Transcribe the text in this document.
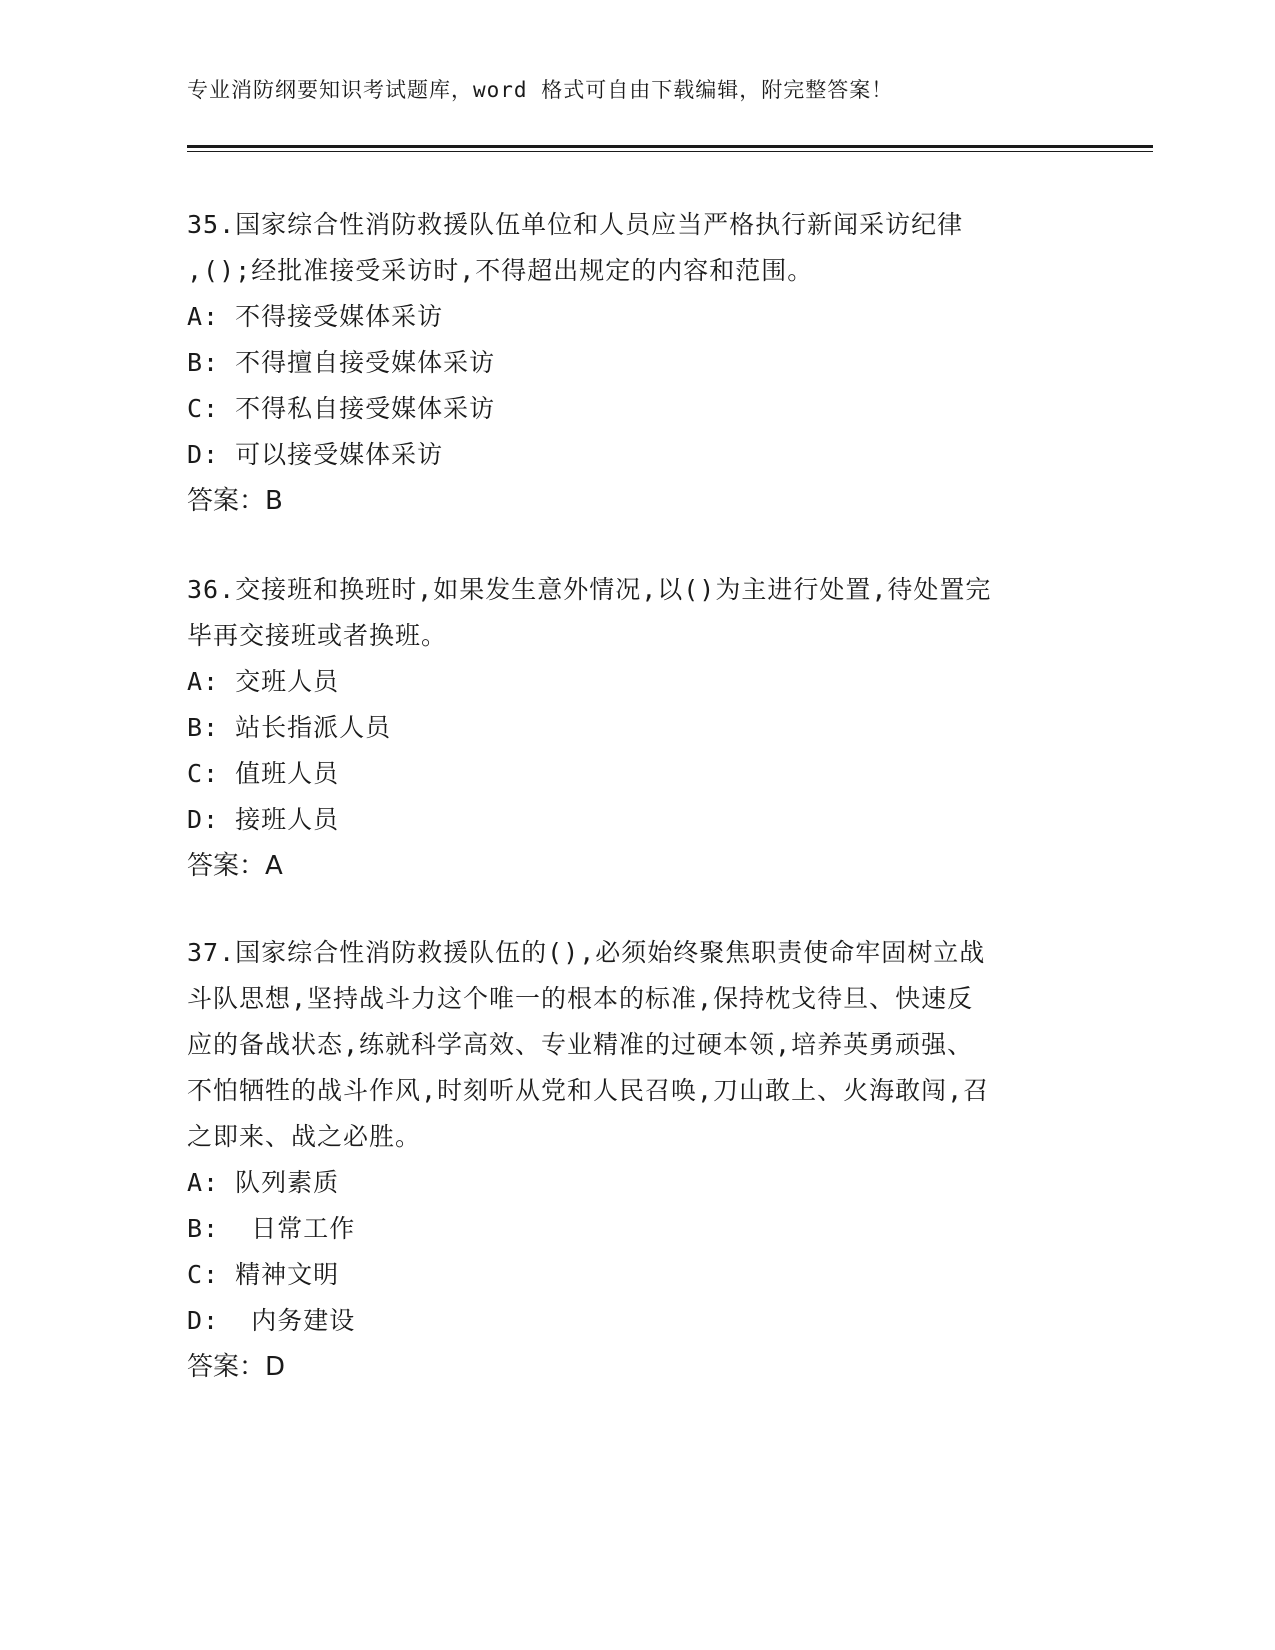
专业消防纲要知识考试题库，word 格式可自由下载编辑，附完整答案！
35.国家综合性消防救援队伍单位和人员应当严格执行新闻采访纪律
,();经批准接受采访时,不得超出规定的内容和范围。
A: 不得接受媒体采访
B: 不得擅自接受媒体采访
C: 不得私自接受媒体采访
D: 可以接受媒体采访
答案：B
36.交接班和换班时,如果发生意外情况,以()为主进行处置,待处置完
毕再交接班或者换班。
A: 交班人员
B: 站长指派人员
C: 值班人员
D: 接班人员
答案：A
37.国家综合性消防救援队伍的(),必须始终聚焦职责使命牢固树立战
斗队思想,坚持战斗力这个唯一的根本的标准,保持枕戈待旦、快速反
应的备战状态,练就科学高效、专业精准的过硬本领,培养英勇顽强、
不怕牺牲的战斗作风,时刻听从党和人民召唤,刀山敢上、火海敢闯,召
之即来、战之必胜。
A: 队列素质
B:  日常工作
C: 精神文明
D:  内务建设
答案：D
